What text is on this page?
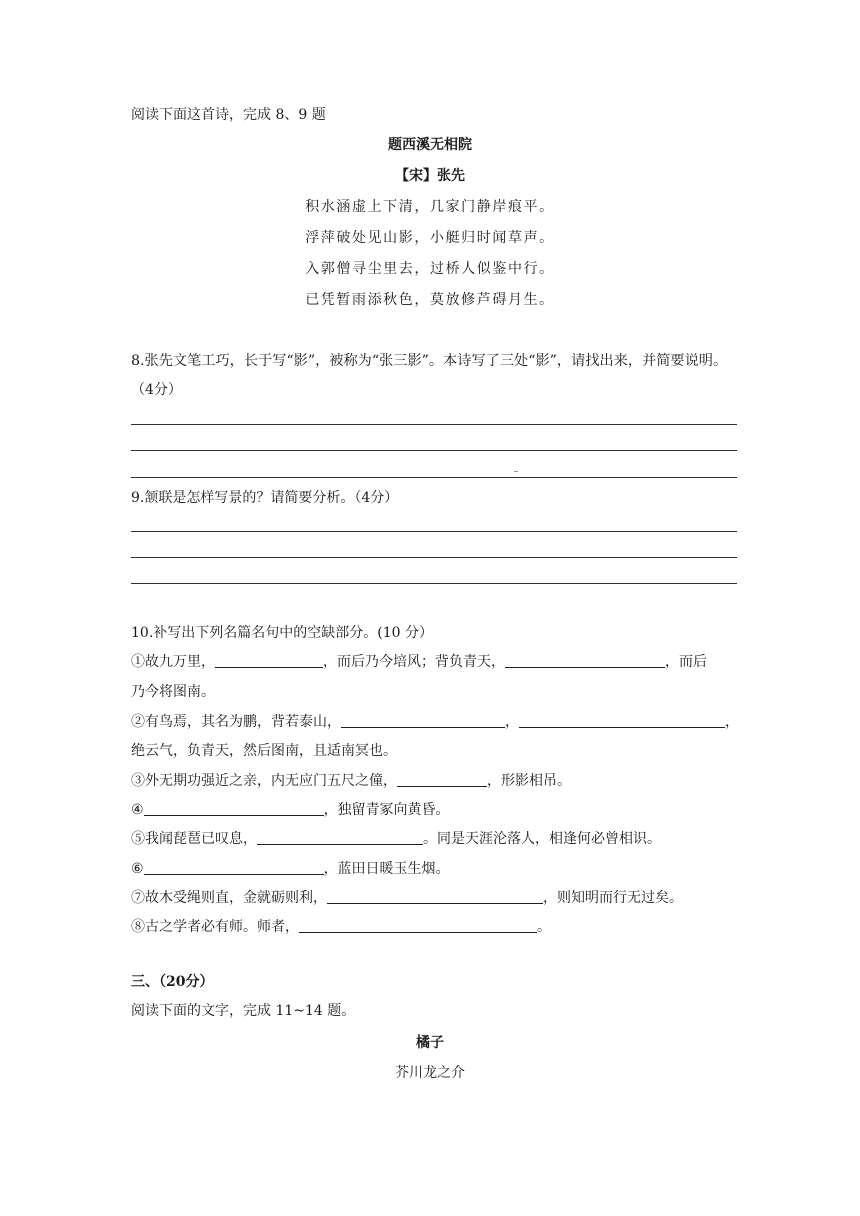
阅读下面这首诗，完成 8、9 题
题西溪无相院
【宋】张先
积水涵虚上下清，几家门静岸痕平。
浮萍破处见山影，小艇归时闻草声。
入郭僧寻尘里去，过桥人似鉴中行。
已凭暂雨添秋色，莫放修芦碍月生。
8.张先文笔工巧，长于写“影”，被称为“张三影”。本诗写了三处“影”，请找出来，并简要说明。
（4分）
9.颔联是怎样写景的？请简要分析。（4分）
10.补写出下列名篇名句中的空缺部分。(10 分）
①故九万里，	，而后乃今培风；背负青天，	，而后
乃今将图南。
②有鸟焉，其名为鹏，背若泰山，	，	，
绝云气，负青天，然后图南，且适南冥也。
③外无期功强近之亲，内无应门五尺之僮，	，形影相吊。
④	，独留青冢向黄昏。
⑤我闻琵琶已叹息，	。同是天涯沦落人，相逢何必曾相识。
⑥	，蓝田日暖玉生烟。
⑦故木受绳则直，金就砺则利，	，则知明而行无过矣。
⑧古之学者必有师。师者，	。
三、（20分）
阅读下面的文字，完成 11~14 题。
橘子
芥川龙之介
